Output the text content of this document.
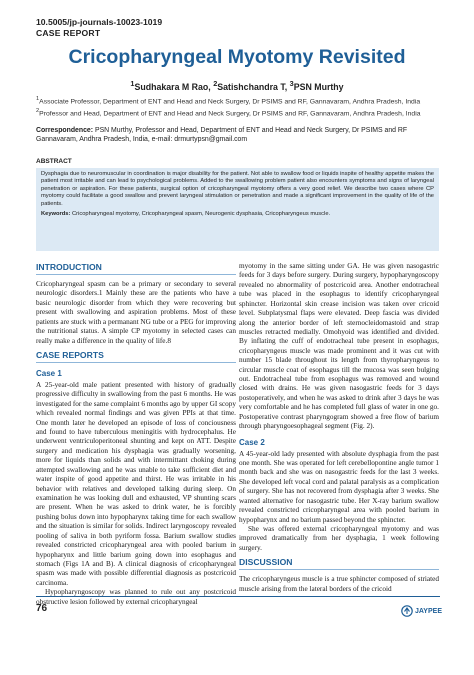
10.5005/jp-journals-10023-1019
CASE REPORT
Cricopharyngeal Myotomy Revisited
$^1$Sudhakara M Rao, $^2$Satishchandra T, $^3$PSN Murthy
$^1$Associate Professor, Department of ENT and Head and Neck Surgery, Dr PSIMS and RF, Gannavaram, Andhra Pradesh, India
$^2$Professor and Head, Department of ENT and Head and Neck Surgery, Dr PSIMS and RF, Gannavaram, Andhra Pradesh, India
Correspondence: PSN Murthy, Professor and Head, Department of ENT and Head and Neck Surgery, Dr PSIMS and RF Gannavaram, Andhra Pradesh, India, e-mail: drmurtypsn@gmail.com
ABSTRACT

Dysphagia due to neuromuscular in coordination is major disability for the patient. Not able to swallow food or liquids inspite of healthy appetite makes the patient most irritable and can lead to psychological problems. Added to the swallowing problem patient also encounters symptoms and signs of laryngeal penetration or aspiration. For these patients, surgical option of cricopharyngeal myotomy offers a very good relief. We describe two cases where CP myotomy could facilitate a good swallow and prevent laryngeal stimulation or penetration and made a significant improvement in the quality of life of the patients.

Keywords: Cricopharyngeal myotomy, Cricopharyngeal spasm, Neurogenic dysphasia, Cricopharyngeus muscle.

INTRODUCTION

Cricopharyngeal spasm can be a primary or secondary to several neurologic disorders.1 Mainly these are the patients who have a basic neurologic disorder from which they were recovering but present with swallowing and aspiration problems. Most of these patients are stuck with a permanant NG tube or a PEG for improving the nutritional status. A simple CP myotomy in selected cases can really make a difference in the quality of life.8

CASE REPORTS
Case 1

A 25-year-old male patient presented with history of gradually progressive difficulty in swallowing from the past 6 months. He was investigated for the same complaint 6 months ago by upper GI scopy which revealed normal findings and was given PPIs at that time. One month later he developed an episode of loss of conciousness and found to have tuberculous meningitis with hydrocephalus. He underwent ventriculoperitoneal shunting and kept on ATT. Despite surgery and medication his dysphagia was gradually worsening, more for liquids than solids and with intermittant choking during attempted swallowing and he was unable to take sufficient diet and water inspite of good appetite and thirst. He was irritable in his behavior with relatives and developed talking during sleep. On examination he was looking dull and exhausted, VP shunting scars are present. When he was asked to drink water, he is forcibly pushing bolus down into hypopharynx taking time for each swallow and the situation is similar for solids. Indirect laryngoscopy revealed pooling of saliva in both pyriform fossa. Barium swallow studies revealed constricted cricopharyngeal area with pooled barium in hypopharynx and little barium going down into esophagus and stomach (Figs 1A and B). A clinical diagnosis of cricopharyngeal spasm was made with possible differential diagnosis as postcricoid carcinoma.

Hypopharyngoscopy was planned to rule out any postcricoid obstructive lesion followed by external cricopharyngeal

myotomy in the same sitting under GA. He was given nasogastric feeds for 3 days before surgery. During surgery, hypopharyngoscopy revealed no abnormality of postcricoid area. Another endotracheal tube was placed in the esophagus to identify cricopharyngeal sphincter. Horizontal skin crease incision was taken over cricoid level. Subplatysmal flaps were elevated. Deep fascia was divided along the anterior border of left sternocleidomastoid and strap muscles retracted medially. Omohyoid was identified and divided. By inflating the cuff of endotracheal tube present in esophagus, cricopharyngeus muscle was made prominent and it was cut with number 15 blade throughout its length from thyropharyngeus to circular muscle coat of esophagus till the mucosa was seen bulging out. Endotracheal tube from esophagus was removed and wound closed with drains. He was given nasogastric feeds for 3 days postoperatively, and when he was asked to drink after 3 days he was very comfortable and he has completed full glass of water in one go. Postoperative contrast pharyngogram showed a free flow of barium through pharyngoesophageal segment (Fig. 2).

Case 2

A 45-year-old lady presented with absolute dysphagia from the past one month. She was operated for left cerebellopontine angle tumor 1 month back and she was on nasogastric feeds for the last 3 weeks. She developed left vocal cord and palatal paralysis as a complication of surgery. She has not recovered from dysphagia after 3 weeks. She wanted alternative for nasogastric tube. Her X-ray barium swallow revealed constricted cricopharyngeal area with pooled barium in hypopharynx and no barium passed beyond the sphincter.

She was offered external cricopharyngeal myotomy and was improved dramatically from her dysphagia, 1 week following surgery.

DISCUSSION

The cricopharyngeus muscle is a true sphincter composed of striated muscle arising from the lateral borders of the cricoid

76	JAYPEE
